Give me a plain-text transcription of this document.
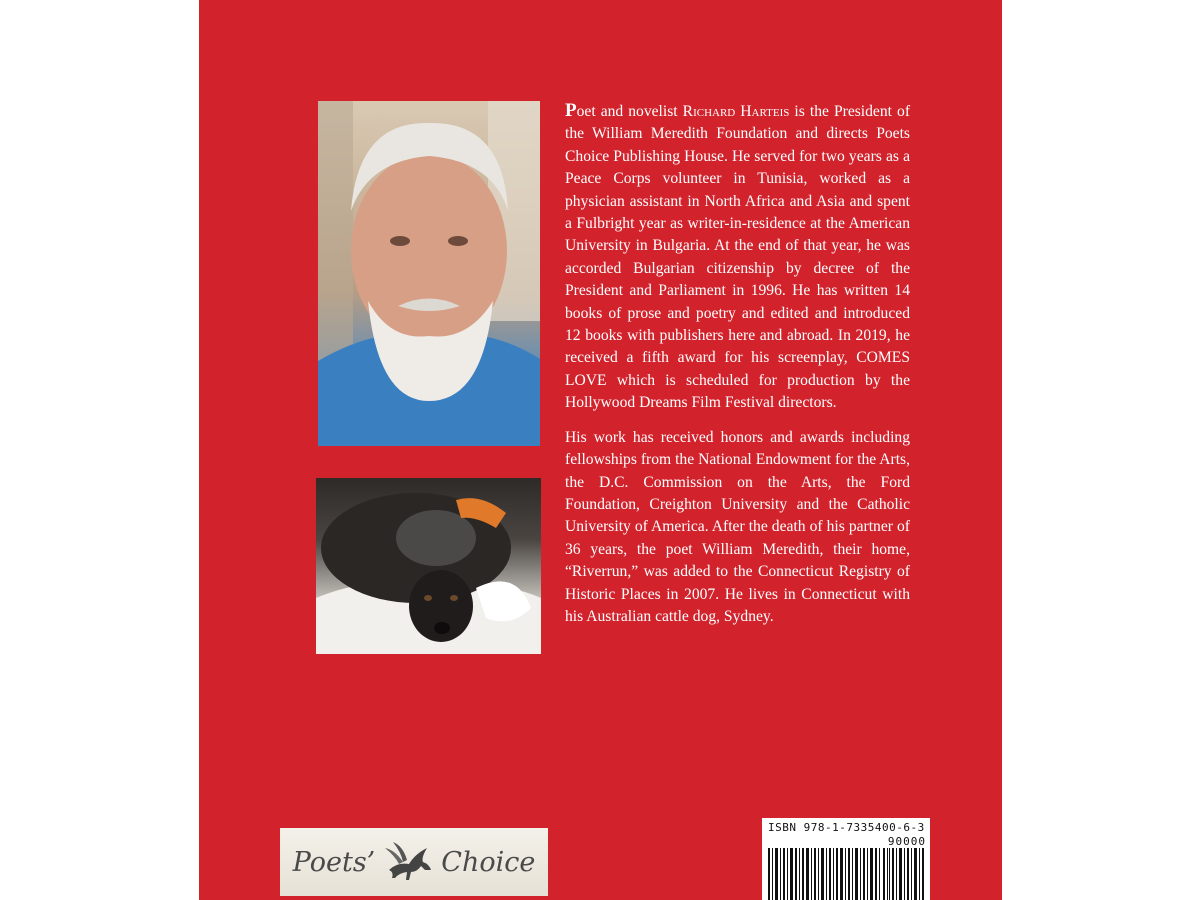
Poet and novelist Richard Harteis is the President of the William Meredith Foundation and directs Poets Choice Publishing House. He served for two years as a Peace Corps volunteer in Tunisia, worked as a physician assistant in North Africa and Asia and spent a Fulbright year as writer-in-residence at the American University in Bulgaria. At the end of that year, he was accorded Bulgarian citizenship by decree of the President and Parliament in 1996. He has written 14 books of prose and poetry and edited and introduced 12 books with publishers here and abroad. In 2019, he received a fifth award for his screenplay, COMES LOVE which is scheduled for production by the Hollywood Dreams Film Festival directors.

His work has received honors and awards including fellowships from the National Endowment for the Arts, the D.C. Commission on the Arts, the Ford Foundation, Creighton University and the Catholic University of America. After the death of his partner of 36 years, the poet William Meredith, their home, “Riverrun,” was added to the Connecticut Registry of Historic Places in 2007. He lives in Connecticut with his Australian cattle dog, Sydney.

Poets’ Choice
ISBN 978-1-7335400-6-3
90000
